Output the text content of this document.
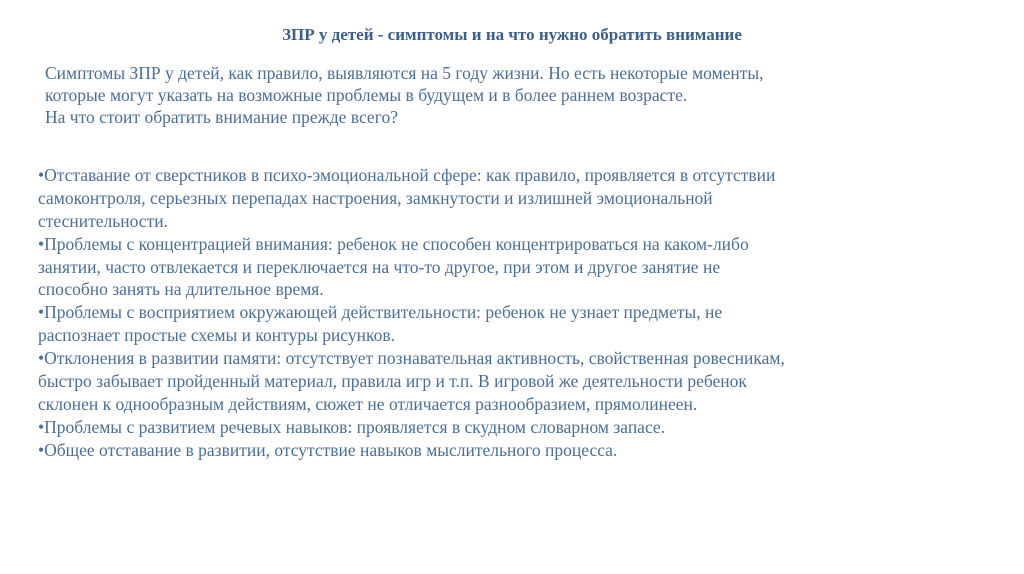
ЗПР у детей - симптомы и на что нужно обратить внимание
Симптомы ЗПР у детей, как правило, выявляются на 5 году жизни. Но есть некоторые моменты,
которые могут указать на возможные проблемы в будущем и в более раннем возрасте.
На что стоит обратить внимание прежде всего?
•Отставание от сверстников в психо-эмоциональной сфере: как правило, проявляется в отсутствии
самоконтроля, серьезных перепадах настроения, замкнутости и излишней эмоциональной
стеснительности.
•Проблемы с концентрацией внимания: ребенок не способен концентрироваться на каком-либо
занятии, часто отвлекается и переключается на что-то другое, при этом и другое занятие не
способно занять на длительное время.
•Проблемы с восприятием окружающей действительности: ребенок не узнает предметы, не
распознает простые схемы и контуры рисунков.
•Отклонения в развитии памяти: отсутствует познавательная активность, свойственная ровесникам,
быстро забывает пройденный материал, правила игр и т.п. В игровой же деятельности ребенок
склонен к однообразным действиям, сюжет не отличается разнообразием, прямолинеен.
•Проблемы с развитием речевых навыков: проявляется в скудном словарном запасе.
•Общее отставание в развитии, отсутствие навыков мыслительного процесса.
